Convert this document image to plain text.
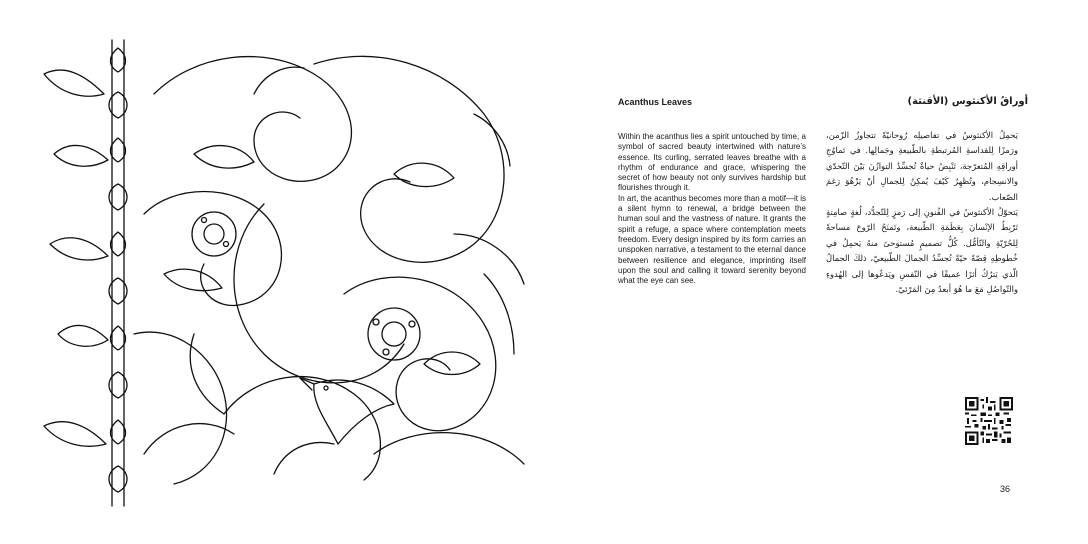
Acanthus Leaves	أوراقُ الأكنثوس (الأقنثة)

Within the acanthus lies a spirit untouched by time, a symbol of sacred beauty intertwined with nature’s essence. Its curling, serrated leaves breathe with a rhythm of endurance and grace, whispering the secret of how beauty not only survives hardship but flourishes through it.

In art, the acanthus becomes more than a motif—it is a silent hymn to renewal, a bridge between the human soul and the vastness of nature. It grants the spirit a refuge, a space where contemplation meets freedom. Every design inspired by its form carries an unspoken narrative, a testament to the eternal dance between resilience and elegance, imprinting itself upon the soul and calling it toward serenity beyond what the eye can see.

يَحمِلُ الأكنثوسُ في تفاصيلِه رُوحانيّةً تتجاوزُ الزّمن، ورَمزًا لِلقداسةِ المُرتبطةِ بالطّبيعةِ وجَمالِها. في تَماوُجِ أوراقِهِ المُتعرّجة، تَنْبِضُ حياةٌ تُجسِّدُ التوازُنَ بَيْنَ التّحدّي والانسِجام، وتُظهِرُ كَيْفَ يُمكِنُ لِلجمالِ أنْ يَزْهُوَ رَغمَ الصّعاب.

يَتحوّلُ الأكنثوسُ في الفُنونِ إلى رَمزٍ لِلتّجدُّد، لُغةٍ صامِتةٍ تَرْبِطُ الإنْسانَ بِعَظَمَةِ الطّبيعة، وتَمنَحُ الرّوحَ مساحةً لِلحُرّيّةِ والتّأمُّل. كُلُّ تصميمٍ مُستوحىً منهُ يَحمِلُ في خُطوطِهِ قِصّةً حيّةً تُجسِّدُ الجمالَ الطّبيعيّ، ذلكَ الجمالُ الّذي يَترُكُ أثرًا عميقًا في النّفسِ ويَدعُوها إلى الهُدوءِ والتّواصُلِ مَعَ ما هُوَ أبعدُ مِنَ المَرْئيّ.

36
